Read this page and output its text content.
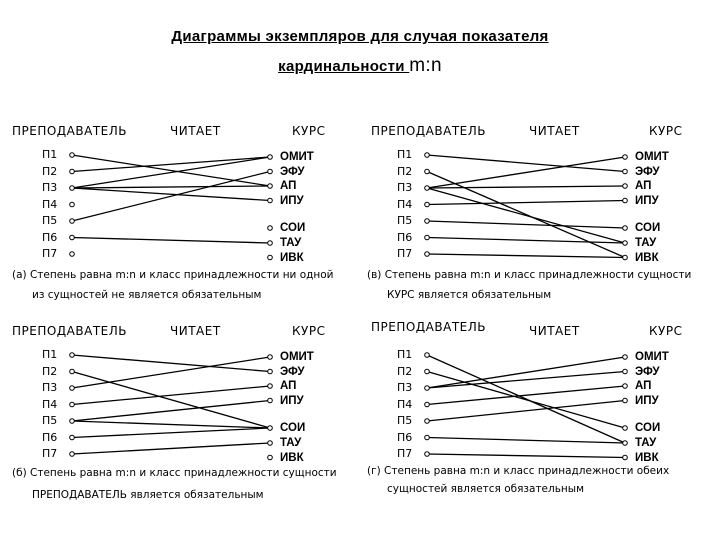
Диаграммы экземпляров для случая показателя
кардинальности m:n
ПРЕПОДАВАТЕЛЬ	ЧИТАЕТ	КУРС
П1
П2
П3
П4
П5
П6
П7
ОМИТ
ЭФУ
АП
ИПУ
СОИ
ТАУ
ИВК
(а) Степень равна m:n и класс принадлежности ни одной
из сущностей не является обязательным
ПРЕПОДАВАТЕЛЬ	ЧИТАЕТ	КУРС
П1
П2
П3
П4
П5
П6
П7
ОМИТ
ЭФУ
АП
ИПУ
СОИ
ТАУ
ИВК
(в) Степень равна m:n и класс принадлежности сущности
КУРС является обязательным
ПРЕПОДАВАТЕЛЬ	ЧИТАЕТ	КУРС
П1
П2
П3
П4
П5
П6
П7
ОМИТ
ЭФУ
АП
ИПУ
СОИ
ТАУ
ИВК
(б) Степень равна m:n и класс принадлежности сущности
ПРЕПОДАВАТЕЛЬ является обязательным
ПРЕПОДАВАТЕЛЬ	ЧИТАЕТ	КУРС
П1
П2
П3
П4
П5
П6
П7
ОМИТ
ЭФУ
АП
ИПУ
СОИ
ТАУ
ИВК
(г) Степень равна m:n и класс принадлежности обеих
сущностей является обязательным
